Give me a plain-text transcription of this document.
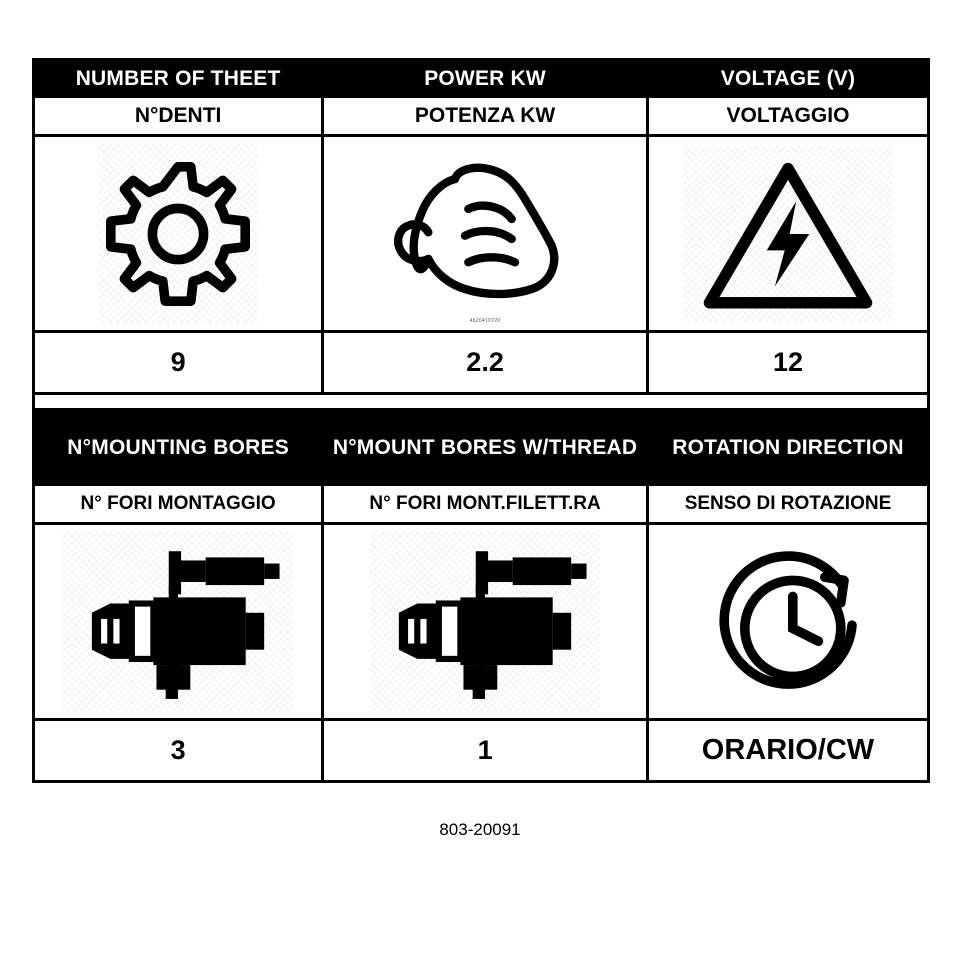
NUMBER OF THEET	POWER KW	VOLTAGE (V)
N°DENTI	POTENZA KW	VOLTAGGIO

4b20410720

9	2.2	12

N°MOUNTING BORES	N°MOUNT BORES W/THREAD	ROTATION DIRECTION
N° FORI MONTAGGIO	N° FORI MONT.FILETT.RA	SENSO DI ROTAZIONE

3	1	ORARIO/CW
803-20091
